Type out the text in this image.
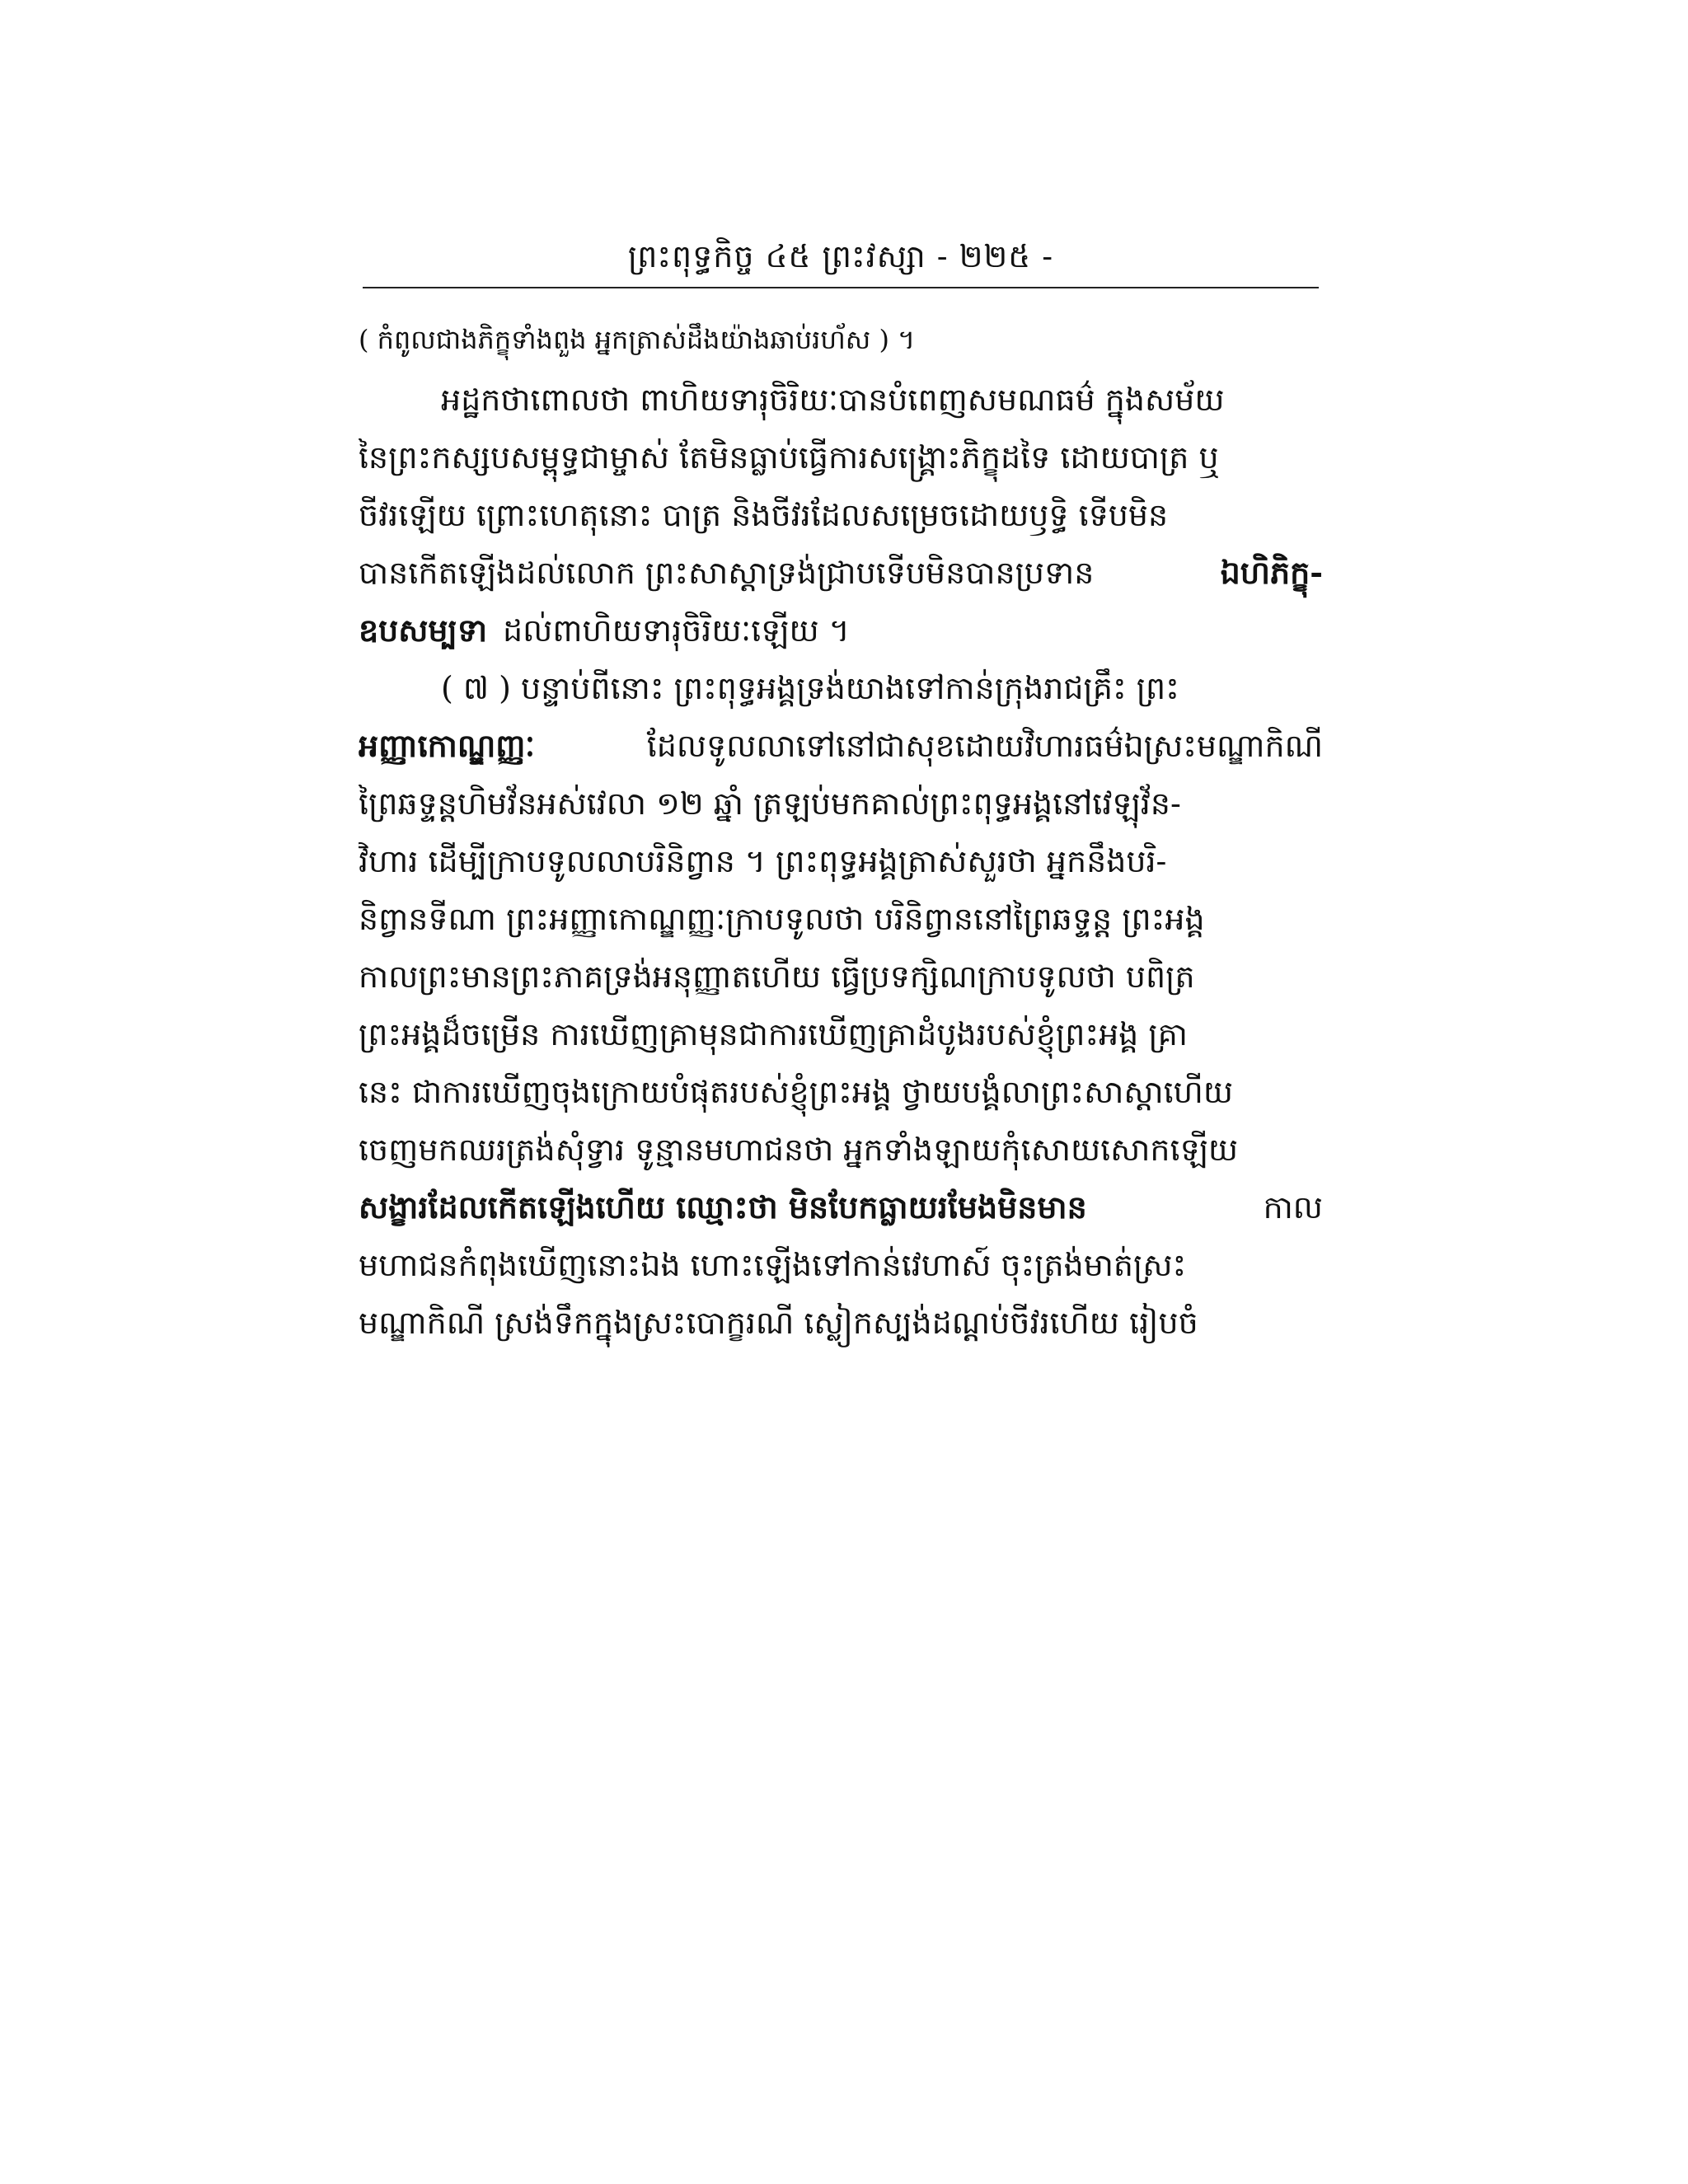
ព្រះពុទ្ធកិច្ច ៤៥ ព្រះវស្សា - ២២៥ -
( កំពូលជាងភិក្ខុទាំងពួង អ្នកត្រាស់ដឹងយ៉ាងឆាប់រហ័ស ) ។
អដ្ឋកថាពោលថា ពាហិយទារុចិរិយៈបានបំពេញសមណធម៌ ក្នុងសម័យ
នៃព្រះកស្សបសម្ពុទ្ធជាម្ចាស់ តែមិនធ្លាប់ធ្វើការសង្គ្រោះភិក្ខុដទៃ ដោយបាត្រ ឬ
ចីវរឡើយ ព្រោះហេតុនោះ បាត្រ និងចីវរដែលសម្រេចដោយឫទ្ធិ ទើបមិន
បានកើតឡើងដល់លោក ព្រះសាស្តាទ្រង់ជ្រាបទើបមិនបានប្រទាន	ឯហិភិក្ខុ-
ឧបសម្បទា ដល់ពាហិយទារុចិរិយៈឡើយ ។
( ៧ ) បន្ទាប់ពីនោះ ព្រះពុទ្ធអង្គទ្រង់យាងទៅកាន់ក្រុងរាជគ្រឹះ ព្រះ
អញ្ញាកោណ្ឌញ្ញៈ	ដែលទូលលាទៅនៅជាសុខដោយវិហារធម៌ឯស្រះមណ្ឌាកិណី
ព្រៃឆទ្ទន្តហិមវ័នអស់វេលា ១២ ឆ្នាំ ត្រឡប់មកគាល់ព្រះពុទ្ធអង្គនៅវេឡុវ័ន-
វិហារ ដើម្បីក្រាបទូលលាបរិនិព្វាន ។ ព្រះពុទ្ធអង្គត្រាស់សួរថា អ្នកនឹងបរិ-
និព្វានទីណា ព្រះអញ្ញាកោណ្ឌញ្ញៈក្រាបទូលថា បរិនិព្វាននៅព្រៃឆទ្ទន្ត ព្រះអង្គ
កាលព្រះមានព្រះភាគទ្រង់អនុញ្ញាតហើយ ធ្វើប្រទក្សិណក្រាបទូលថា បពិត្រ
ព្រះអង្គដ៏ចម្រើន ការឃើញគ្រាមុនជាការឃើញគ្រាដំបូងរបស់ខ្ញុំព្រះអង្គ គ្រា
នេះ ជាការឃើញចុងក្រោយបំផុតរបស់ខ្ញុំព្រះអង្គ ថ្វាយបង្គំលាព្រះសាស្តាហើយ
ចេញមកឈរត្រង់សុំទ្វារ ទូន្មានមហាជនថា អ្នកទាំងឡាយកុំសោយសោកឡើយ
សង្ខារដែលកើតឡើងហើយ ឈ្មោះថា មិនបែកធ្លាយរមែងមិនមាន	កាល
មហាជនកំពុងឃើញនោះឯង ហោះឡើងទៅកាន់វេហាស៍ ចុះត្រង់មាត់ស្រះ
មណ្ឌាកិណី ស្រង់ទឹកក្នុងស្រះបោក្ខរណី ស្លៀកស្បង់ដណ្តប់ចីវរហើយ រៀបចំ
